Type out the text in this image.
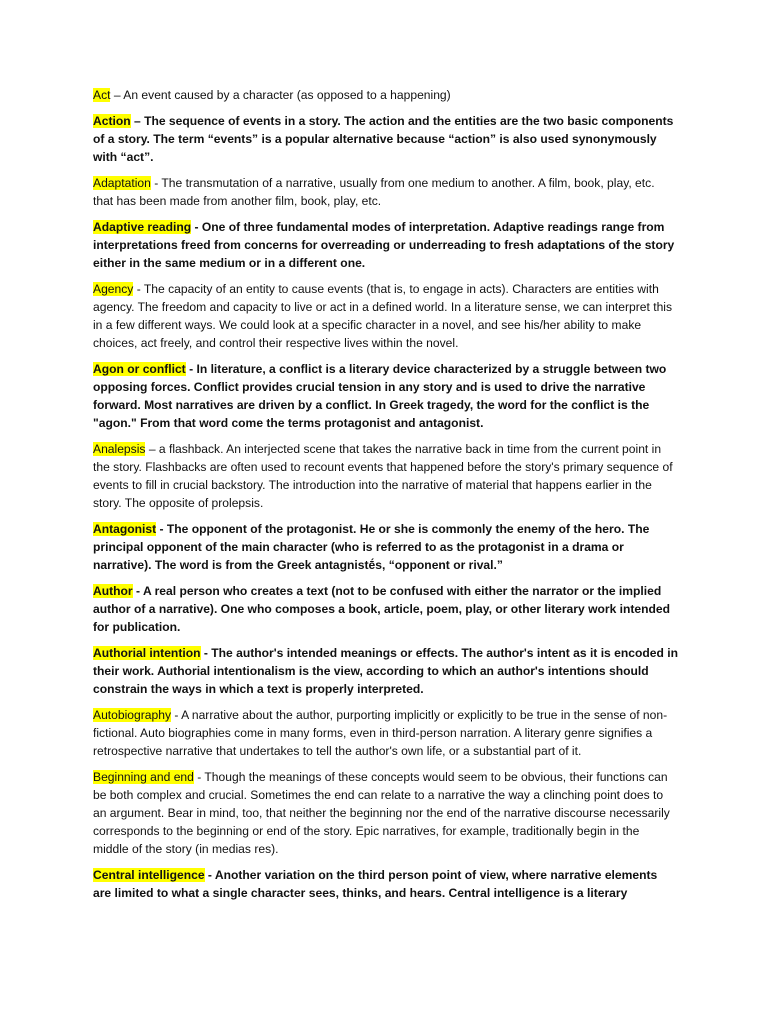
Act – An event caused by a character (as opposed to a happening)

Action – The sequence of events in a story. The action and the entities are the two basic components of a story. The term “events” is a popular alternative because “action” is also used synonymously with “act”.

Adaptation - The transmutation of a narrative, usually from one medium to another. A film, book, play, etc. that has been made from another film, book, play, etc.

Adaptive reading - One of three fundamental modes of interpretation. Adaptive readings range from interpretations freed from concerns for overreading or underreading to fresh adaptations of the story either in the same medium or in a different one.

Agency - The capacity of an entity to cause events (that is, to engage in acts). Characters are entities with agency. The freedom and capacity to live or act in a defined world. In a literature sense, we can interpret this in a few different ways. We could look at a specific character in a novel, and see his/her ability to make choices, act freely, and control their respective lives within the novel.

Agon or conflict - In literature, a conflict is a literary device characterized by a struggle between two opposing forces. Conflict provides crucial tension in any story and is used to drive the narrative forward. Most narratives are driven by a conflict. In Greek tragedy, the word for the conflict is the "agon." From that word come the terms protagonist and antagonist.

Analepsis – a flashback. An interjected scene that takes the narrative back in time from the current point in the story. Flashbacks are often used to recount events that happened before the story's primary sequence of events to fill in crucial backstory. The introduction into the narrative of material that happens earlier in the story. The opposite of prolepsis.

Antagonist - The opponent of the protagonist. He or she is commonly the enemy of the hero. The principal opponent of the main character (who is referred to as the protagonist in a drama or narrative). The word is from the Greek antagnistḗs, “opponent or rival.”

Author - A real person who creates a text (not to be confused with either the narrator or the implied author of a narrative). One who composes a book, article, poem, play, or other literary work intended for publication.

Authorial intention - The author's intended meanings or effects. The author's intent as it is encoded in their work. Authorial intentionalism is the view, according to which an author's intentions should constrain the ways in which a text is properly interpreted.

Autobiography - A narrative about the author, purporting implicitly or explicitly to be true in the sense of non-fictional. Auto biographies come in many forms, even in third-person narration. A literary genre signifies a retrospective narrative that undertakes to tell the author's own life, or a substantial part of it.

Beginning and end - Though the meanings of these concepts would seem to be obvious, their functions can be both complex and crucial. Sometimes the end can relate to a narrative the way a clinching point does to an argument. Bear in mind, too, that neither the beginning nor the end of the narrative discourse necessarily corresponds to the beginning or end of the story. Epic narratives, for example, traditionally begin in the middle of the story (in medias res).

Central intelligence - Another variation on the third person point of view, where narrative elements are limited to what a single character sees, thinks, and hears. Central intelligence is a literary
